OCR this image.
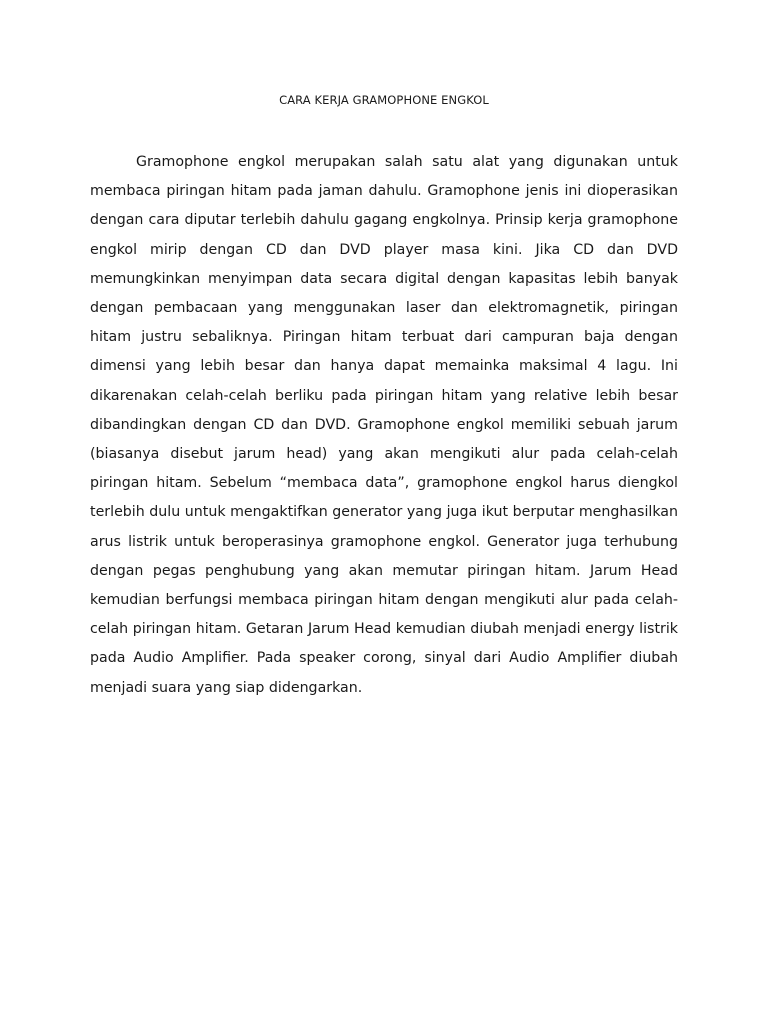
CARA KERJA GRAMOPHONE ENGKOL

Gramophone engkol merupakan salah satu alat yang digunakan untuk membaca piringan hitam pada jaman dahulu. Gramophone jenis ini dioperasikan dengan cara diputar terlebih dahulu gagang engkolnya. Prinsip kerja gramophone engkol mirip dengan CD dan DVD player masa kini. Jika CD dan DVD memungkinkan menyimpan data secara digital dengan kapasitas lebih banyak dengan pembacaan yang menggunakan laser dan elektromagnetik, piringan hitam justru sebaliknya. Piringan hitam terbuat dari campuran baja dengan dimensi yang lebih besar dan hanya dapat memainka maksimal 4 lagu. Ini dikarenakan celah-celah berliku pada piringan hitam yang relative lebih besar dibandingkan dengan CD dan DVD. Gramophone engkol memiliki sebuah jarum (biasanya disebut jarum head) yang akan mengikuti alur pada celah-celah piringan hitam. Sebelum “membaca data”, gramophone engkol harus diengkol terlebih dulu untuk mengaktifkan generator yang juga ikut berputar menghasilkan arus listrik untuk beroperasinya gramophone engkol. Generator juga terhubung dengan pegas penghubung yang akan memutar piringan hitam. Jarum Head kemudian berfungsi membaca piringan hitam dengan mengikuti alur pada celah-celah piringan hitam. Getaran Jarum Head kemudian diubah menjadi energy listrik pada Audio Amplifier. Pada speaker corong, sinyal dari Audio Amplifier diubah menjadi suara yang siap didengarkan.
